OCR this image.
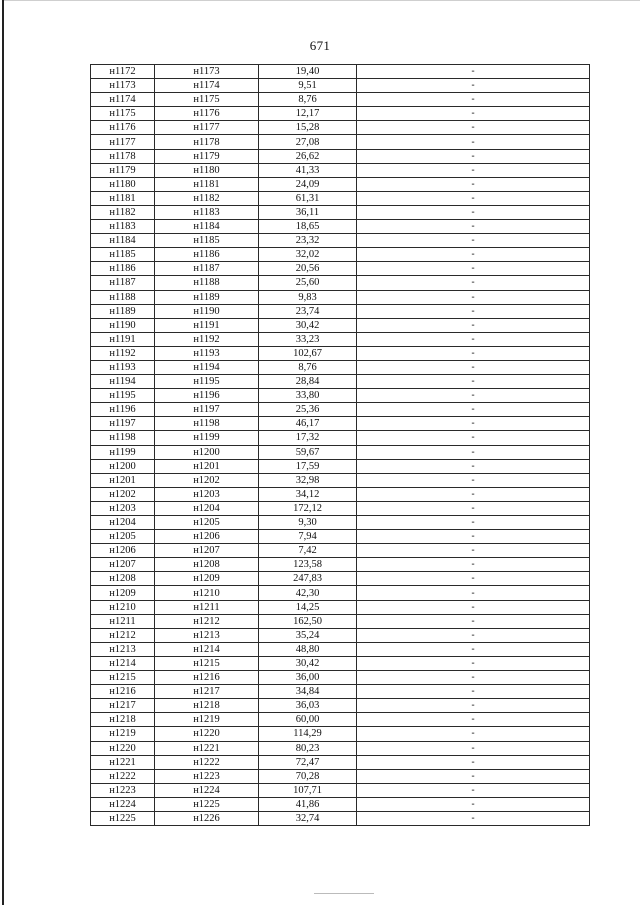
671
н1172	н1173	19,40	-
н1173	н1174	9,51	-
н1174	н1175	8,76	-
н1175	н1176	12,17	-
н1176	н1177	15,28	-
н1177	н1178	27,08	-
н1178	н1179	26,62	-
н1179	н1180	41,33	-
н1180	н1181	24,09	-
н1181	н1182	61,31	-
н1182	н1183	36,11	-
н1183	н1184	18,65	-
н1184	н1185	23,32	-
н1185	н1186	32,02	-
н1186	н1187	20,56	-
н1187	н1188	25,60	-
н1188	н1189	9,83	-
н1189	н1190	23,74	-
н1190	н1191	30,42	-
н1191	н1192	33,23	-
н1192	н1193	102,67	-
н1193	н1194	8,76	-
н1194	н1195	28,84	-
н1195	н1196	33,80	-
н1196	н1197	25,36	-
н1197	н1198	46,17	-
н1198	н1199	17,32	-
н1199	н1200	59,67	-
н1200	н1201	17,59	-
н1201	н1202	32,98	-
н1202	н1203	34,12	-
н1203	н1204	172,12	-
н1204	н1205	9,30	-
н1205	н1206	7,94	-
н1206	н1207	7,42	-
н1207	н1208	123,58	-
н1208	н1209	247,83	-
н1209	н1210	42,30	-
н1210	н1211	14,25	-
н1211	н1212	162,50	-
н1212	н1213	35,24	-
н1213	н1214	48,80	-
н1214	н1215	30,42	-
н1215	н1216	36,00	-
н1216	н1217	34,84	-
н1217	н1218	36,03	-
н1218	н1219	60,00	-
н1219	н1220	114,29	-
н1220	н1221	80,23	-
н1221	н1222	72,47	-
н1222	н1223	70,28	-
н1223	н1224	107,71	-
н1224	н1225	41,86	-
н1225	н1226	32,74	-
